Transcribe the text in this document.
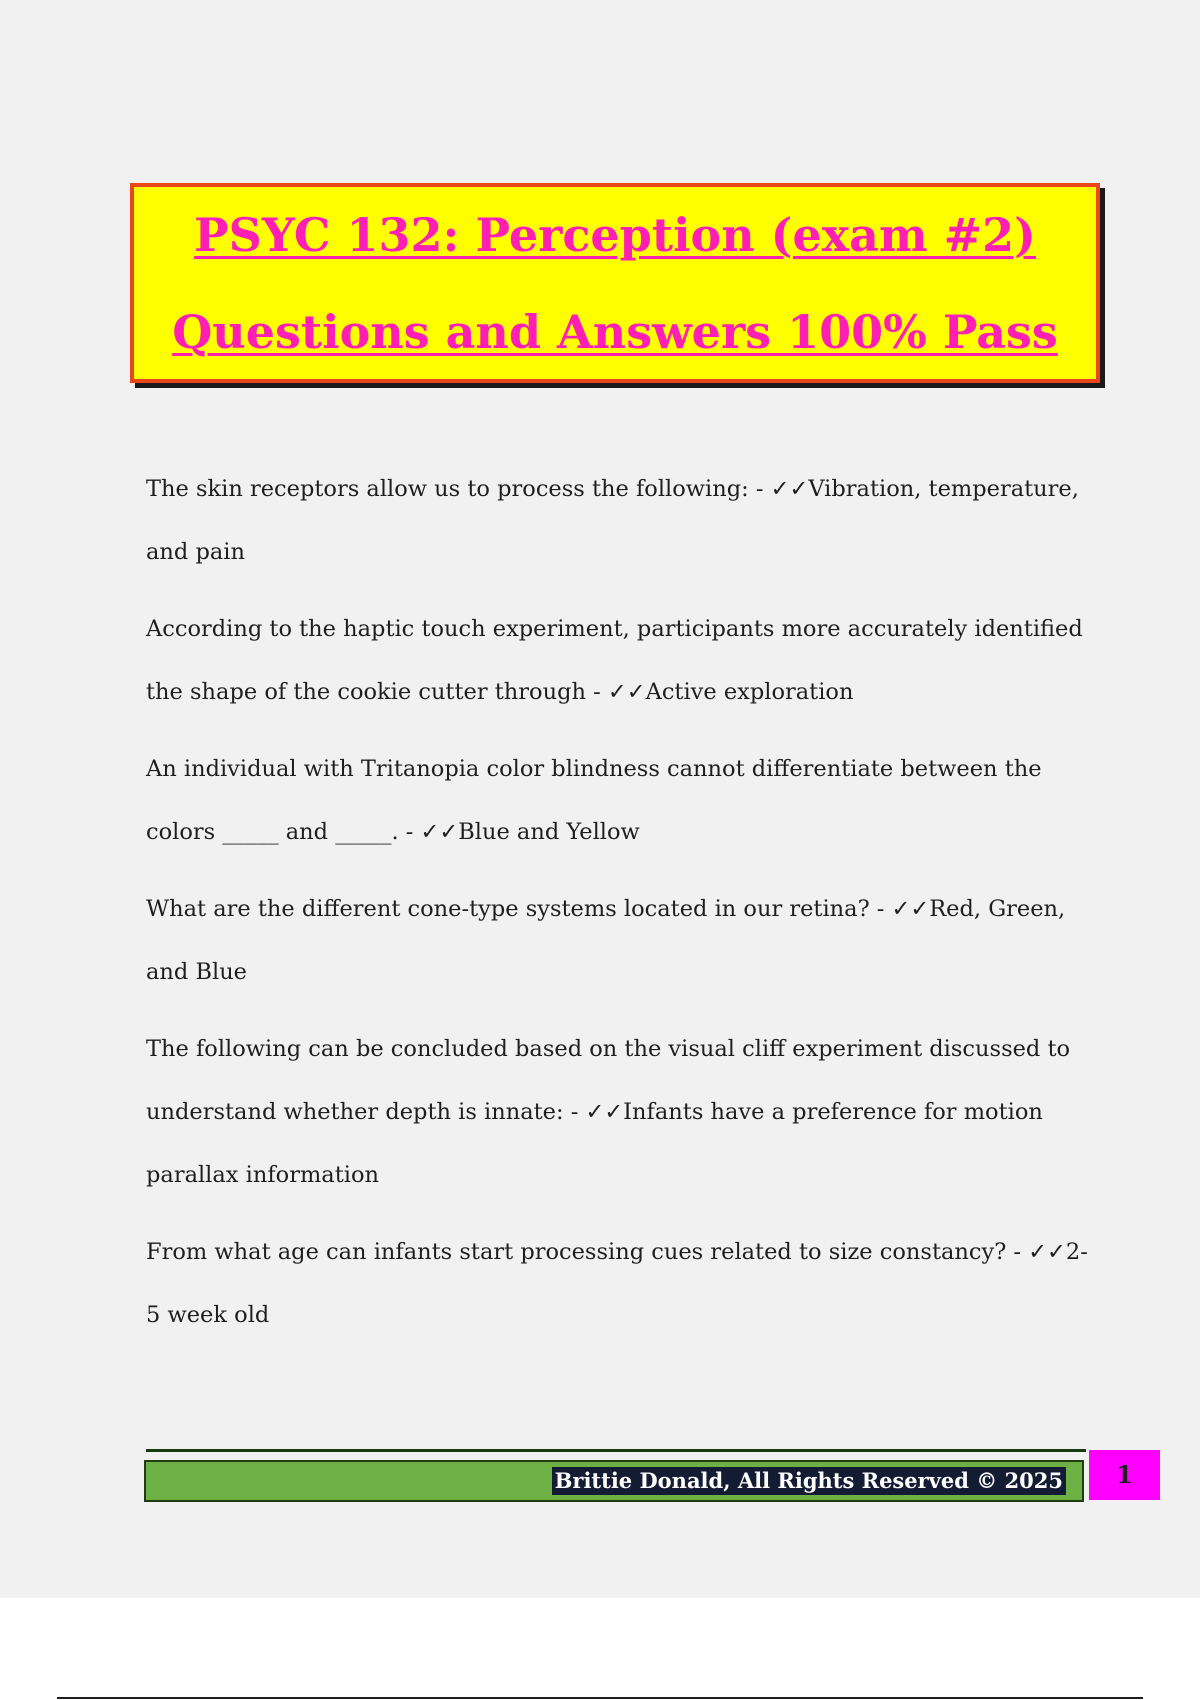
PSYC 132: Perception (exam #2)
Questions and Answers 100% Pass

The skin receptors allow us to process the following: - ✓✓Vibration, temperature, and pain

According to the haptic touch experiment, participants more accurately identified the shape of the cookie cutter through - ✓✓Active exploration

An individual with Tritanopia color blindness cannot differentiate between the colors _____ and _____. - ✓✓Blue and Yellow

What are the different cone-type systems located in our retina? - ✓✓Red, Green, and Blue

The following can be concluded based on the visual cliff experiment discussed to understand whether depth is innate: - ✓✓Infants have a preference for motion parallax information

From what age can infants start processing cues related to size constancy? - ✓✓2-5 week old

Brittie Donald, All Rights Reserved © 2025	1
